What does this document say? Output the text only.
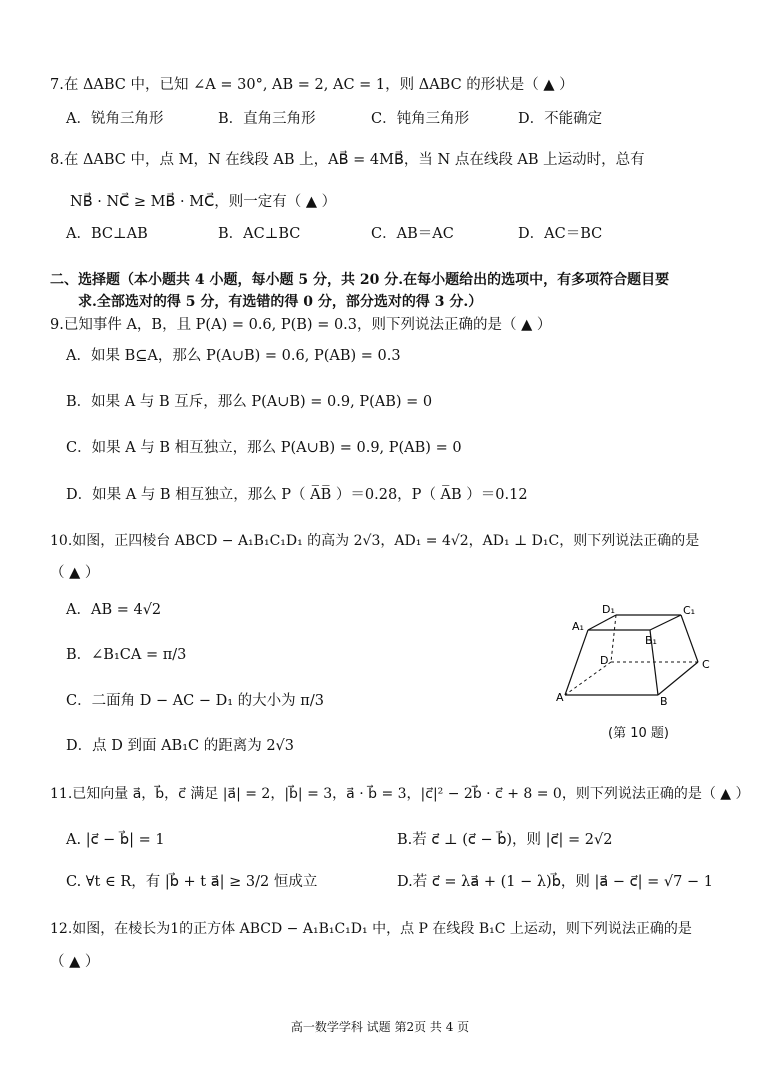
7.在 ΔABC 中，已知 ∠A = 30°, AB = 2, AC = 1，则 ΔABC 的形状是（ ▲ ）
A．锐角三角形	B．直角三角形	C．钝角三角形	D．不能确定
8.在 ΔABC 中，点 M，N 在线段 AB 上，AB⃗ = 4MB⃗，当 N 点在线段 AB 上运动时，总有
NB⃗ · NC⃗ ≥ MB⃗ · MC⃗，则一定有（ ▲ ）
A．BC⊥AB	B．AC⊥BC	C．AB＝AC	D．AC＝BC
二、选择题（本小题共 4 小题，每小题 5 分，共 20 分.在每小题给出的选项中，有多项符合题目要
求.全部选对的得 5 分，有选错的得 0 分，部分选对的得 3 分.）
9.已知事件 A，B，且 P(A) = 0.6, P(B) = 0.3，则下列说法正确的是（ ▲ ）
A．如果 B⊆A，那么 P(A∪B) = 0.6, P(AB) = 0.3
B．如果 A 与 B 互斥，那么 P(A∪B) = 0.9, P(AB) = 0
C．如果 A 与 B 相互独立，那么 P(A∪B) = 0.9, P(AB) = 0
D．如果 A 与 B 相互独立，那么 P（ A̅B̅ ）＝0.28，P（ A̅B ）＝0.12
10.如图，正四棱台 ABCD − A₁B₁C₁D₁ 的高为 2√3，AD₁ = 4√2，AD₁ ⊥ D₁C，则下列说法正确的是
（ ▲ ）
A．AB = 4√2
B．∠B₁CA = π/3
C．二面角 D − AC − D₁ 的大小为 π/3
D．点 D 到面 AB₁C 的距离为 2√3
D₁	C₁
A₁
B₁
D	C
A	B
(第 10 题)
11.已知向量 a⃗，b⃗，c⃗ 满足 |a⃗| = 2，|b⃗| = 3，a⃗ · b⃗ = 3，|c⃗|² − 2b⃗ · c⃗ + 8 = 0，则下列说法正确的是（ ▲ ）
A. |c⃗ − b⃗| = 1	B.若 c⃗ ⊥ (c⃗ − b⃗)，则 |c⃗| = 2√2
C. ∀t ∈ R，有 |b⃗ + t a⃗| ≥ 3/2 恒成立	D.若 c⃗ = λa⃗ + (1 − λ)b⃗，则 |a⃗ − c⃗| = √7 − 1
12.如图，在棱长为1的正方体 ABCD − A₁B₁C₁D₁ 中，点 P 在线段 B₁C 上运动，则下列说法正确的是
（ ▲ ）
高一数学学科 试题 第2页 共 4 页
